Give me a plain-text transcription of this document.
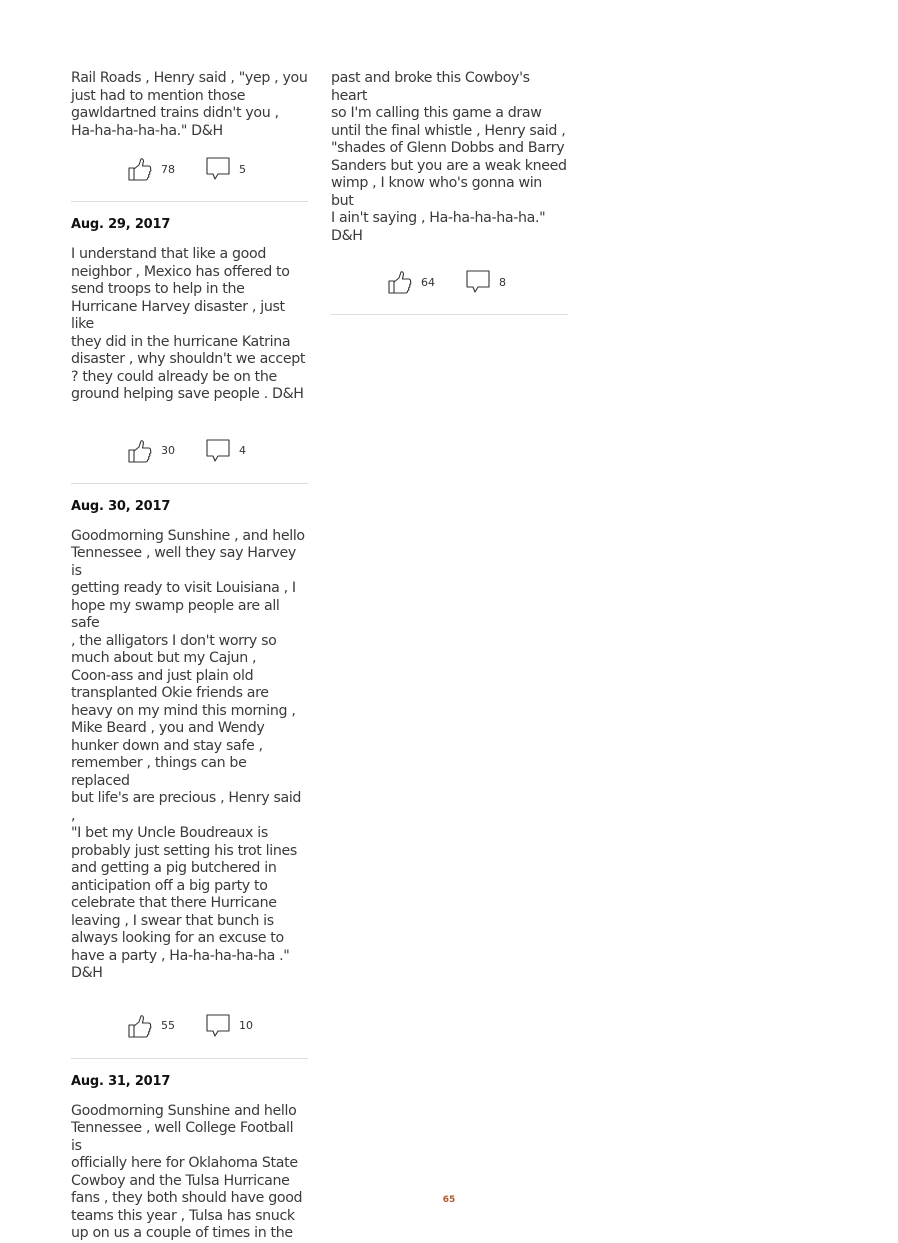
Rail Roads , Henry said , "yep , you
just had to mention those
gawldartned trains didn't you ,
Ha-ha-ha-ha-ha." D&H

78	5
Aug. 29, 2017

I understand that like a good
neighbor , Mexico has offered to
send troops to help in the
Hurricane Harvey disaster , just like
they did in the hurricane Katrina
disaster , why shouldn't we accept
? they could already be on the
ground helping save people . D&H

30	4
Aug. 30, 2017

Goodmorning Sunshine , and hello
Tennessee , well they say Harvey is
getting ready to visit Louisiana , I
hope my swamp people are all safe
, the alligators I don't worry so
much about but my Cajun ,
Coon-ass and just plain old
transplanted Okie friends are
heavy on my mind this morning ,
Mike Beard , you and Wendy
hunker down and stay safe ,
remember , things can be replaced
but life's are precious , Henry said ,
"I bet my Uncle Boudreaux is
probably just setting his trot lines
and getting a pig butchered in
anticipation off a big party to
celebrate that there Hurricane
leaving , I swear that bunch is
always looking for an excuse to
have a party , Ha-ha-ha-ha-ha ."
D&H

55	10
Aug. 31, 2017

Goodmorning Sunshine and hello
Tennessee , well College Football is
officially here for Oklahoma State
Cowboy and the Tulsa Hurricane
fans , they both should have good
teams this year , Tulsa has snuck
up on us a couple of times in the

past and broke this Cowboy's heart
so I'm calling this game a draw
until the final whistle , Henry said ,
"shades of Glenn Dobbs and Barry
Sanders but you are a weak kneed
wimp , I know who's gonna win but
I ain't saying , Ha-ha-ha-ha-ha."
D&H

64	8
65
